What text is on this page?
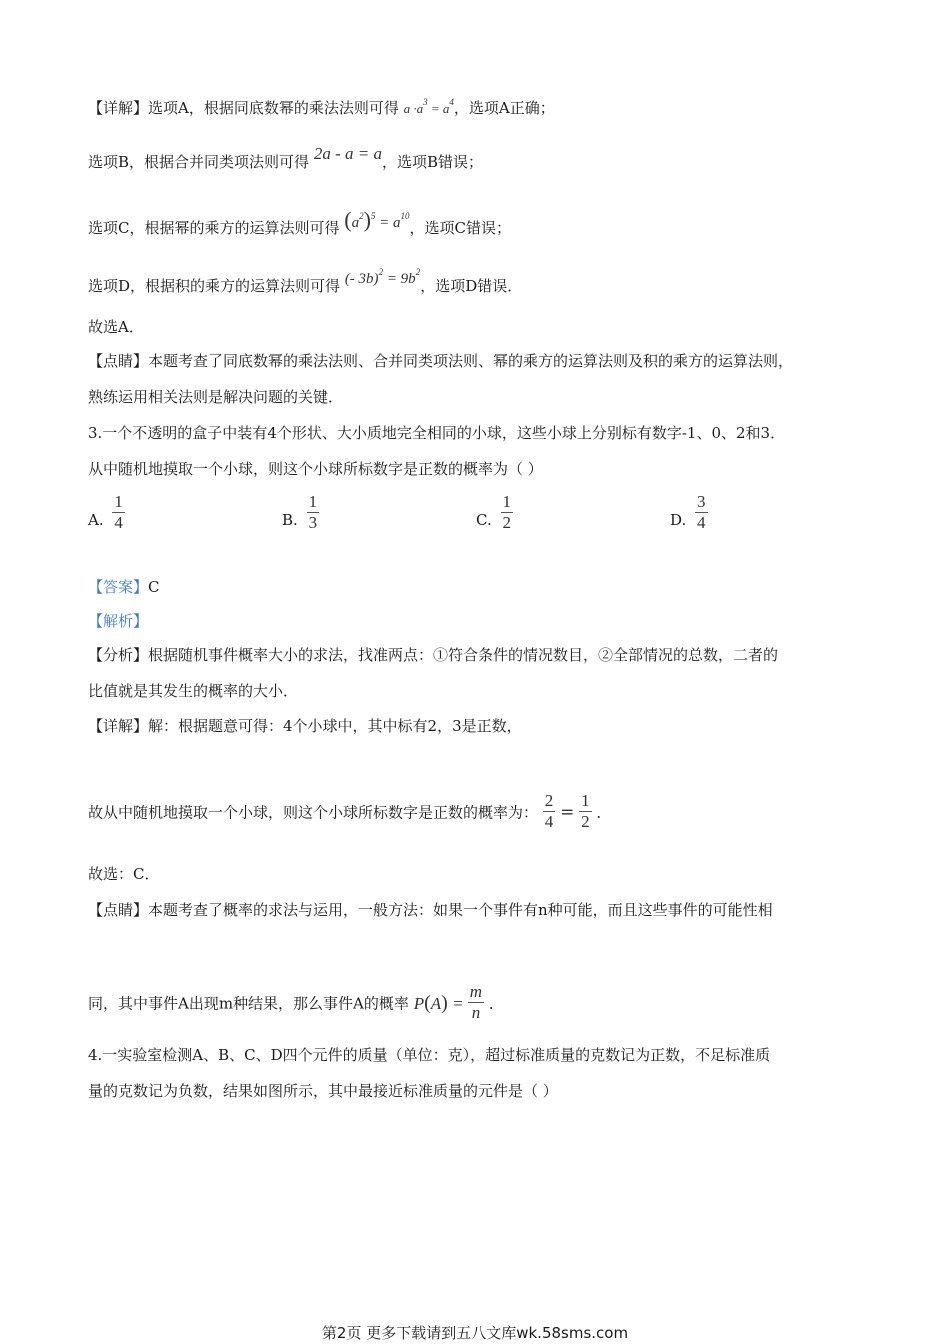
【详解】选项A，根据同底数幂的乘法法则可得 $a \cdot a^3 = a^4$，选项A正确；
选项B，根据合并同类项法则可得 2a - a = a，选项B错误；
选项C，根据幂的乘方的运算法则可得 $(a^2)^5 = a^{10}$，选项C错误；
选项D，根据积的乘方的运算法则可得 (- $3b)^2 = 9b^2$，选项D错误．
故选A．
【点睛】本题考查了同底数幂的乘法法则、合并同类项法则、幂的乘方的运算法则及积的乘方的运算法则，
熟练运用相关法则是解决问题的关键．
3.一个不透明的盒子中装有4个形状、大小质地完全相同的小球，这些小球上分别标有数字-1、0、2和3．
从中随机地摸取一个小球，则这个小球所标数字是正数的概率为（ ）
A. $\frac{1}{4}$	B. $\frac{1}{3}$	C. $\frac{1}{2}$	D. $\frac{3}{4}$
【答案】C
【解析】
【分析】根据随机事件概率大小的求法，找准两点：①符合条件的情况数目，②全部情况的总数，二者的
比值就是其发生的概率的大小．
【详解】解：根据题意可得：4个小球中，其中标有2，3是正数，
故从中随机地摸取一个小球，则这个小球所标数字是正数的概率为： $\frac{2}{4} = \frac{1}{2}$ ．
故选：C．
【点睛】本题考查了概率的求法与运用，一般方法：如果一个事件有n种可能，而且这些事件的可能性相
同，其中事件A出现m种结果，那么事件A的概率 $P(A) = \frac{m}{n}$ ．
4.一实验室检测A、B、C、D四个元件的质量（单位：克），超过标准质量的克数记为正数，不足标准质
量的克数记为负数，结果如图所示，其中最接近标准质量的元件是（ ）
第2页 更多下载请到五八文库wk.58sms.com
